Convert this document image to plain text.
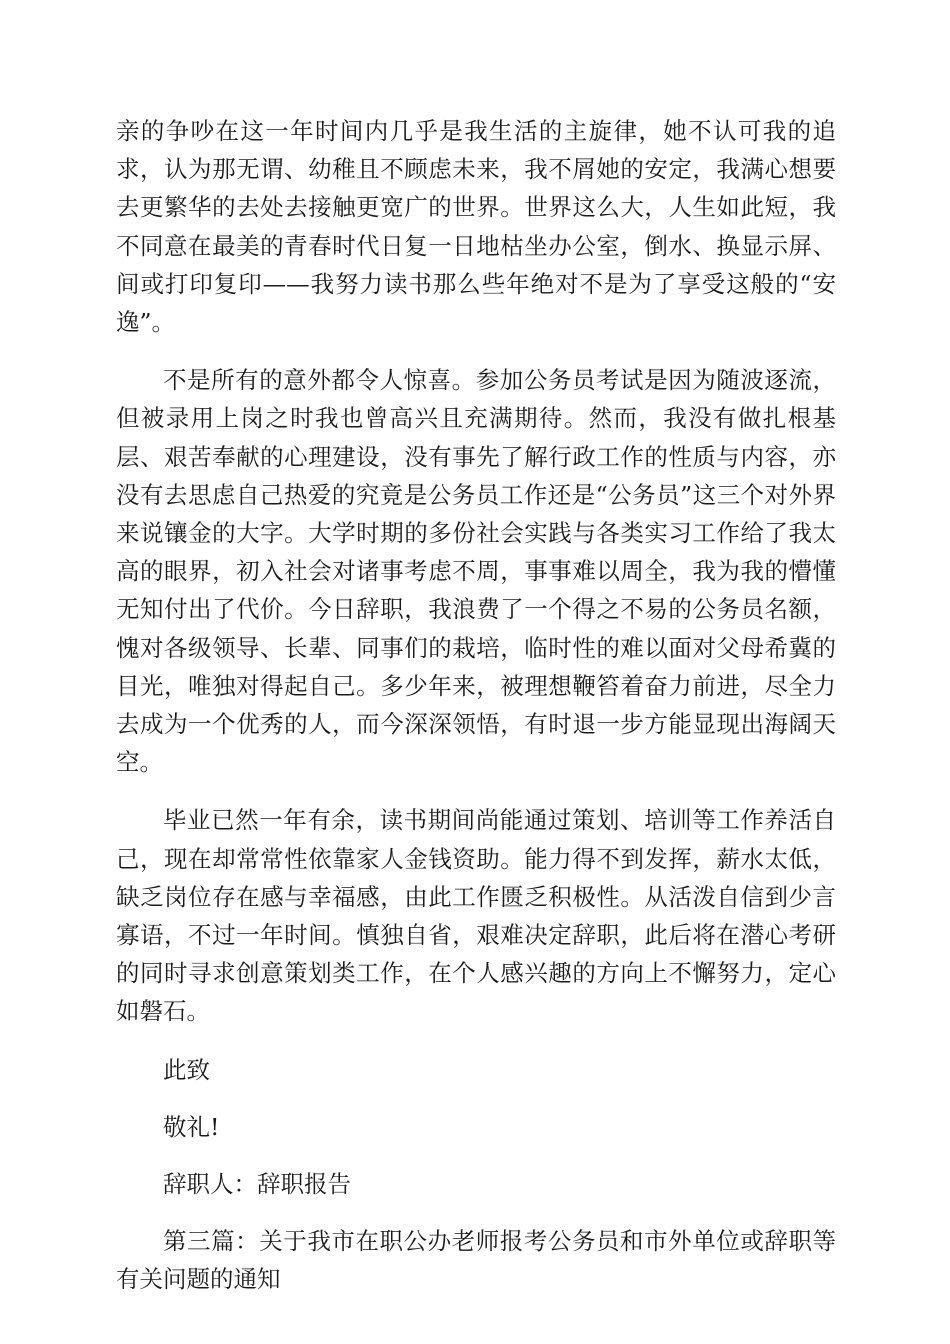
亲的争吵在这一年时间内几乎是我生活的主旋律，她不认可我的追求，认为那无谓、幼稚且不顾虑未来，我不屑她的安定，我满心想要去更繁华的去处去接触更宽广的世界。世界这么大，人生如此短，我不同意在最美的青春时代日复一日地枯坐办公室，倒水、换显示屏、间或打印复印——我努力读书那么些年绝对不是为了享受这般的“安逸”。

不是所有的意外都令人惊喜。参加公务员考试是因为随波逐流，但被录用上岗之时我也曾高兴且充满期待。然而，我没有做扎根基层、艰苦奉献的心理建设，没有事先了解行政工作的性质与内容，亦没有去思虑自己热爱的究竟是公务员工作还是“公务员”这三个对外界来说镶金的大字。大学时期的多份社会实践与各类实习工作给了我太高的眼界，初入社会对诸事考虑不周，事事难以周全，我为我的懵懂无知付出了代价。今日辞职，我浪费了一个得之不易的公务员名额，愧对各级领导、长辈、同事们的栽培，临时性的难以面对父母希冀的目光，唯独对得起自己。多少年来，被理想鞭笞着奋力前进，尽全力去成为一个优秀的人，而今深深领悟，有时退一步方能显现出海阔天空。

毕业已然一年有余，读书期间尚能通过策划、培训等工作养活自己，现在却常常性依靠家人金钱资助。能力得不到发挥，薪水太低，缺乏岗位存在感与幸福感，由此工作匮乏积极性。从活泼自信到少言寡语，不过一年时间。慎独自省，艰难决定辞职，此后将在潜心考研的同时寻求创意策划类工作，在个人感兴趣的方向上不懈努力，定心如磐石。

此致

敬礼!

辞职人：辞职报告

第三篇：关于我市在职公办老师报考公务员和市外单位或辞职等有关问题的通知
